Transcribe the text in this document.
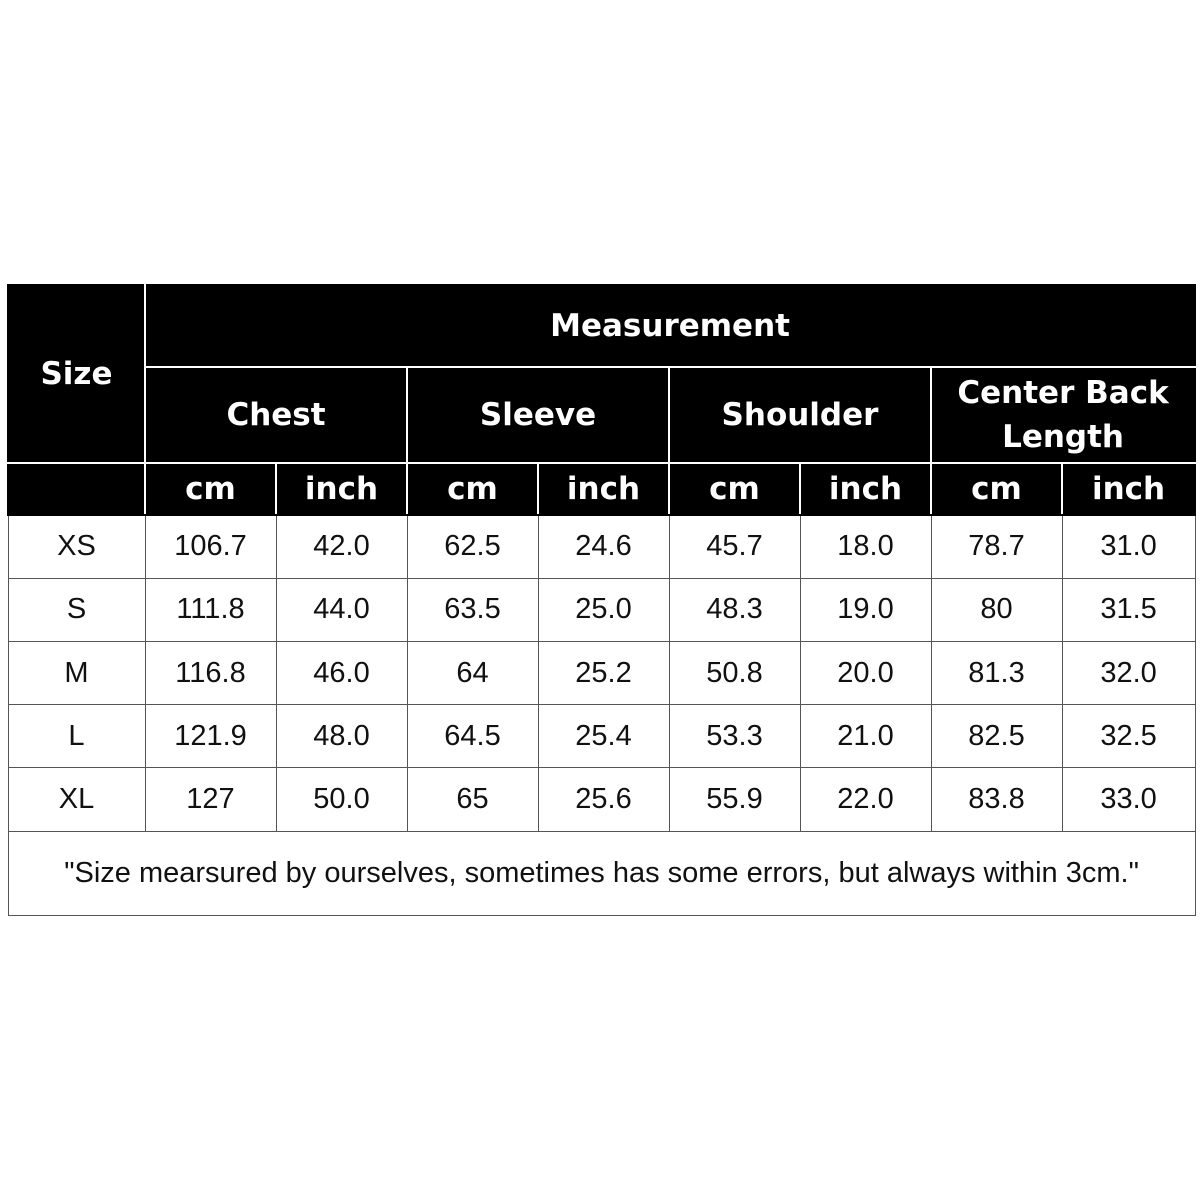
Size	Measurement							
	Chest		Sleeve		Shoulder		Center Back
Length	
	cm	inch	cm	inch	cm	inch	cm	inch
XS	106.7	42.0	62.5	24.6	45.7	18.0	78.7	31.0
S	111.8	44.0	63.5	25.0	48.3	19.0	80	31.5
M	116.8	46.0	64	25.2	50.8	20.0	81.3	32.0
L	121.9	48.0	64.5	25.4	53.3	21.0	82.5	32.5
XL	127	50.0	65	25.6	55.9	22.0	83.8	33.0
"Size mearsured by ourselves, sometimes has some errors, but always within 3cm."								
